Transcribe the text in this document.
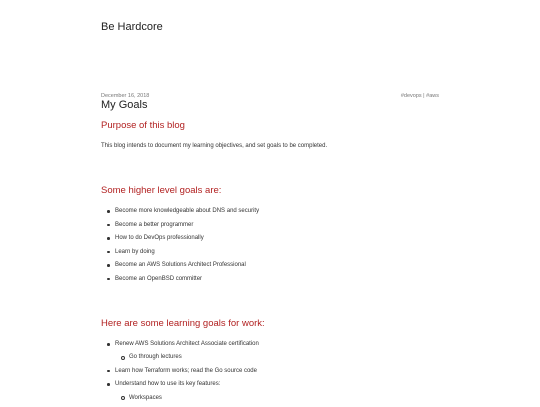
Be Hardcore
December 16, 2018	#devops | #aws
My Goals
Purpose of this blog

This blog intends to document my learning objectives, and set goals to be completed.

Some higher level goals are:
Become more knowledgeable about DNS and security
Become a better programmer
How to do DevOps professionally
Learn by doing
Become an AWS Solutions Architect Professional
Become an OpenBSD committer
Here are some learning goals for work:
Renew AWS Solutions Architect Associate certification
Go through lectures
Learn how Terraform works; read the Go source code
Understand how to use its key features:
Workspaces
